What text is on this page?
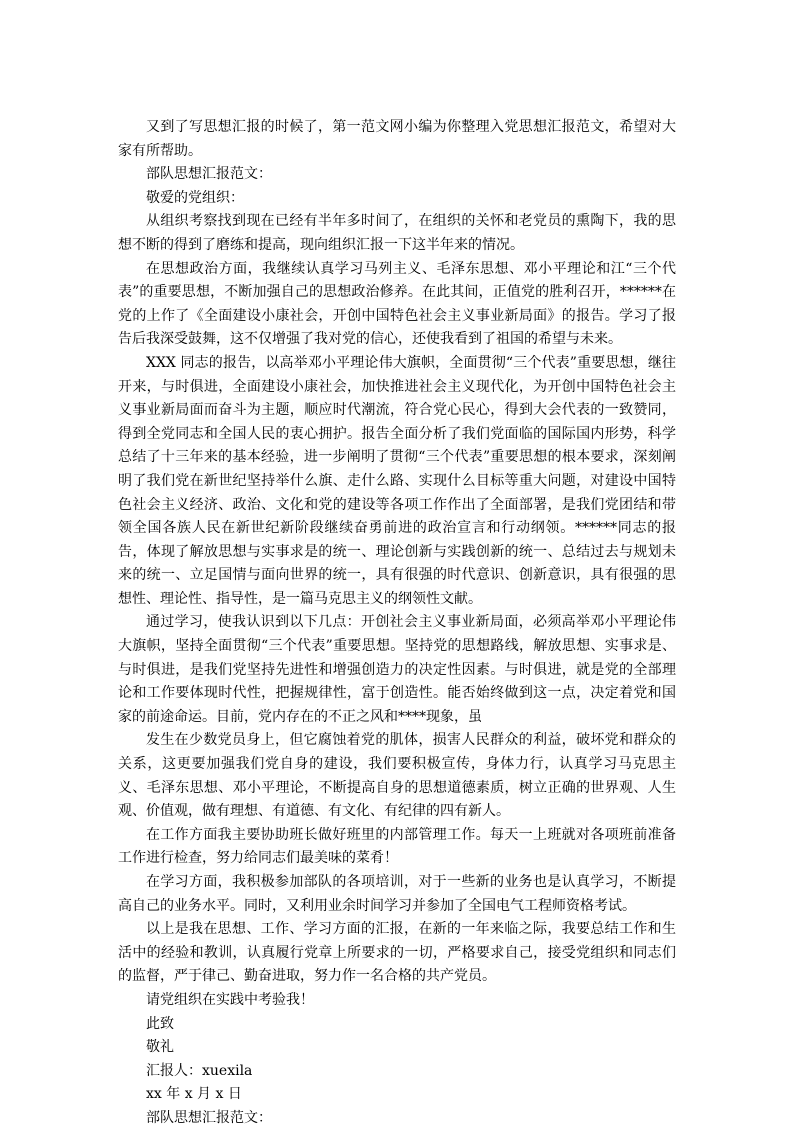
又到了写思想汇报的时候了，第一范文网小编为你整理入党思想汇报范文，希望对大家有所帮助。

部队思想汇报范文：

敬爱的党组织：

从组织考察找到现在已经有半年多时间了，在组织的关怀和老党员的熏陶下，我的思想不断的得到了磨练和提高，现向组织汇报一下这半年来的情况。

在思想政治方面，我继续认真学习马列主义、毛泽东思想、邓小平理论和江“三个代表”的重要思想，不断加强自己的思想政治修养。在此其间，正值党的胜利召开，******在党的上作了《全面建设小康社会，开创中国特色社会主义事业新局面》的报告。学习了报告后我深受鼓舞，这不仅增强了我对党的信心，还使我看到了祖国的希望与未来。

XXX 同志的报告，以高举邓小平理论伟大旗帜，全面贯彻“三个代表”重要思想，继往开来，与时俱进，全面建设小康社会，加快推进社会主义现代化，为开创中国特色社会主义事业新局面而奋斗为主题，顺应时代潮流，符合党心民心，得到大会代表的一致赞同，得到全党同志和全国人民的衷心拥护。报告全面分析了我们党面临的国际国内形势，科学总结了十三年来的基本经验，进一步阐明了贯彻“三个代表”重要思想的根本要求，深刻阐明了我们党在新世纪坚持举什么旗、走什么路、实现什么目标等重大问题，对建设中国特色社会主义经济、政治、文化和党的建设等各项工作作出了全面部署，是我们党团结和带领全国各族人民在新世纪新阶段继续奋勇前进的政治宣言和行动纲领。******同志的报告，体现了解放思想与实事求是的统一、理论创新与实践创新的统一、总结过去与规划未来的统一、立足国情与面向世界的统一，具有很强的时代意识、创新意识，具有很强的思想性、理论性、指导性，是一篇马克思主义的纲领性文献。

通过学习，使我认识到以下几点：开创社会主义事业新局面，必须高举邓小平理论伟大旗帜，坚持全面贯彻“三个代表”重要思想。坚持党的思想路线，解放思想、实事求是、与时俱进，是我们党坚持先进性和增强创造力的决定性因素。与时俱进，就是党的全部理论和工作要体现时代性，把握规律性，富于创造性。能否始终做到这一点，决定着党和国家的前途命运。目前，党内存在的不正之风和****现象，虽

发生在少数党员身上，但它腐蚀着党的肌体，损害人民群众的利益，破坏党和群众的关系，这更要加强我们党自身的建设，我们要积极宣传，身体力行，认真学习马克思主义、毛泽东思想、邓小平理论，不断提高自身的思想道德素质，树立正确的世界观、人生观、价值观，做有理想、有道德、有文化、有纪律的四有新人。

在工作方面我主要协助班长做好班里的内部管理工作。每天一上班就对各项班前准备工作进行检查，努力给同志们最美味的菜肴！

在学习方面，我积极参加部队的各项培训，对于一些新的业务也是认真学习，不断提高自己的业务水平。同时，又利用业余时间学习并参加了全国电气工程师资格考试。

以上是我在思想、工作、学习方面的汇报，在新的一年来临之际，我要总结工作和生活中的经验和教训，认真履行党章上所要求的一切，严格要求自己，接受党组织和同志们的监督，严于律己、勤奋进取，努力作一名合格的共产党员。

请党组织在实践中考验我！

此致

敬礼

汇报人：xuexila

xx 年 x 月 x 日

部队思想汇报范文：
